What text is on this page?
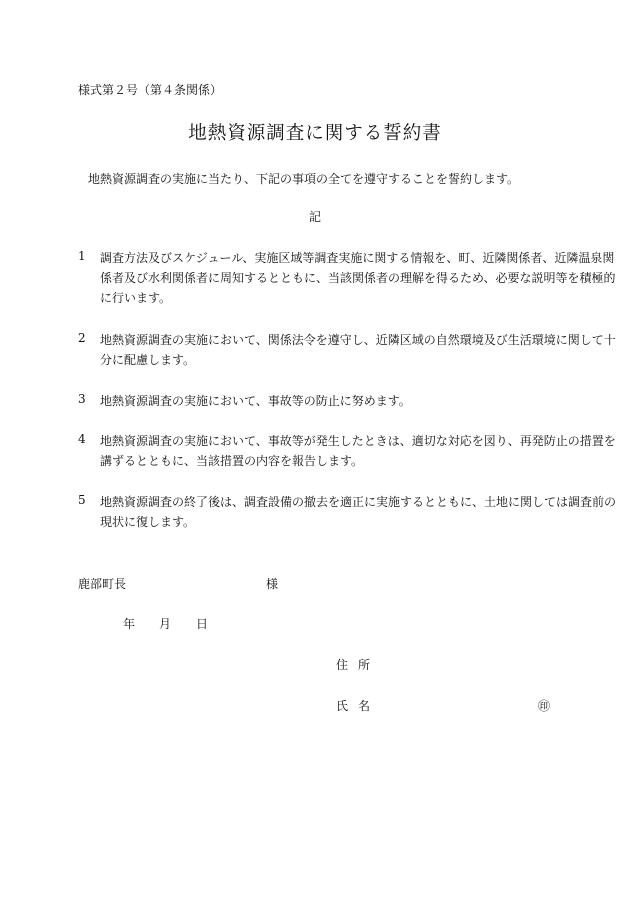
様式第２号（第４条関係）
地熱資源調査に関する誓約書
地熱資源調査の実施に当たり、下記の事項の全てを遵守することを誓約します。
記
1 調査方法及びスケジュール、実施区域等調査実施に関する情報を、町、近隣関係者、近隣温泉関
係者及び水利関係者に周知するとともに、当該関係者の理解を得るため、必要な説明等を積極的
に行います。
2 地熱資源調査の実施において、関係法令を遵守し、近隣区域の自然環境及び生活環境に関して十
分に配慮します。
3 地熱資源調査の実施において、事故等の防止に努めます。
4 地熱資源調査の実施において、事故等が発生したときは、適切な対応を図り、再発防止の措置を
講ずるとともに、当該措置の内容を報告します。
5 地熱資源調査の終了後は、調査設備の撤去を適正に実施するとともに、土地に関しては調査前の
現状に復します。
鹿部町長	様
年 月 日
住所
氏名	㊞
